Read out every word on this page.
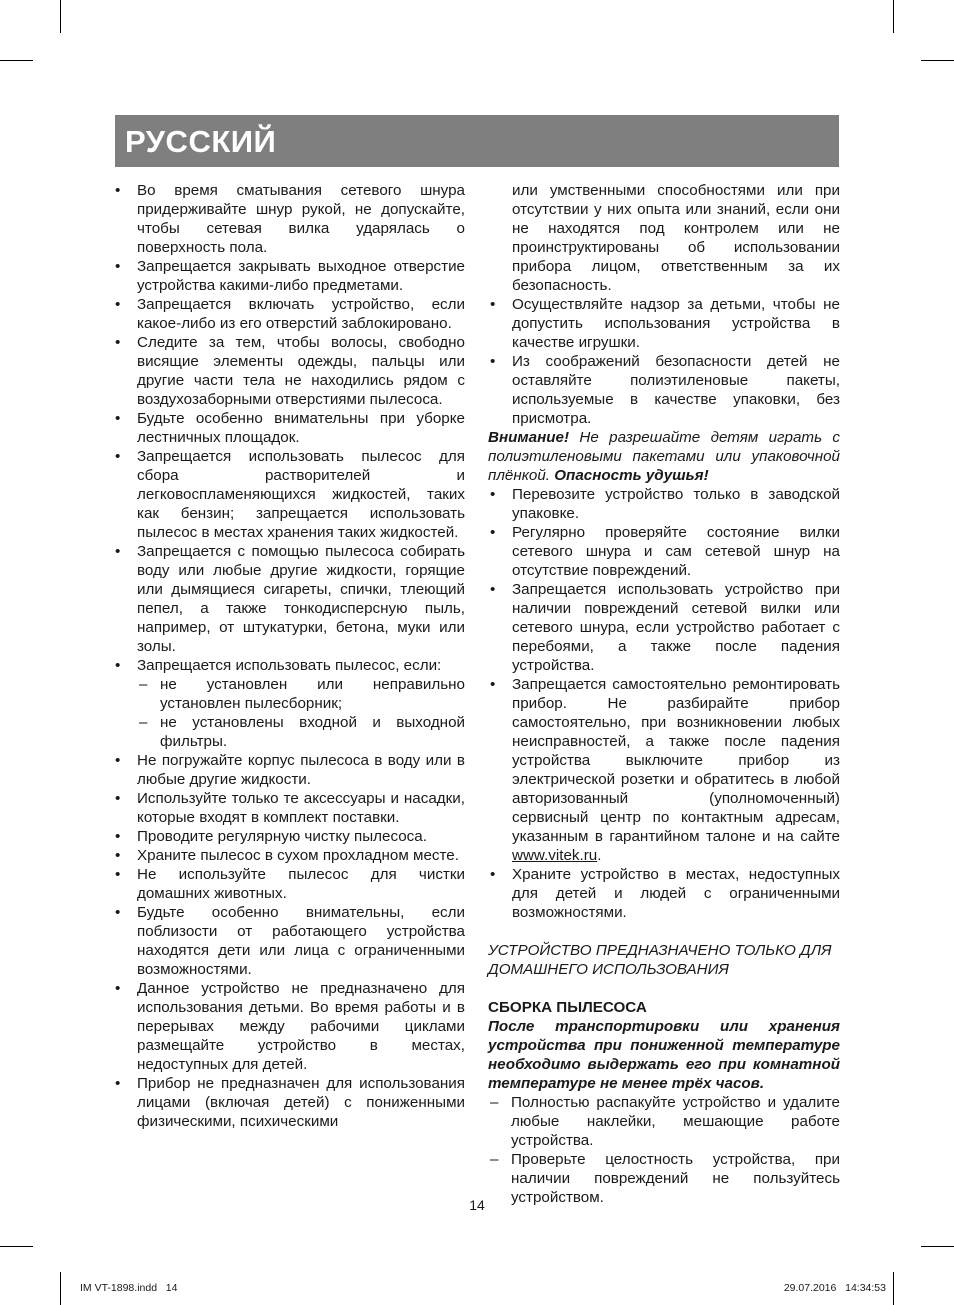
РУССКИЙ
• Во время сматывания сетевого шнура придерживайте шнур рукой, не допускайте, чтобы сетевая вилка ударялась о поверхность пола.
• Запрещается закрывать выходное отверстие устройства какими-либо предметами.
• Запрещается включать устройство, если какое-либо из его отверстий заблокировано.
• Следите за тем, чтобы волосы, свободно висящие элементы одежды, пальцы или другие части тела не находились рядом с воздухозаборными отверстиями пылесоса.
• Будьте особенно внимательны при уборке лестничных площадок.
• Запрещается использовать пылесос для сбора растворителей и легковоспламеняющихся жидкостей, таких как бензин; запрещается использовать пылесос в местах хранения таких жидкостей.
• Запрещается с помощью пылесоса собирать воду или любые другие жидкости, горящие или дымящиеся сигареты, спички, тлеющий пепел, а также тонкодисперсную пыль, например, от штукатурки, бетона, муки или золы.
• Запрещается использовать пылесос, если:
– не установлен или неправильно установлен пылесборник;
– не установлены входной и выходной фильтры.
• Не погружайте корпус пылесоса в воду или в любые другие жидкости.
• Используйте только те аксессуары и насадки, которые входят в комплект поставки.
• Проводите регулярную чистку пылесоса.
• Храните пылесос в сухом прохладном месте.
• Не используйте пылесос для чистки домашних животных.
• Будьте особенно внимательны, если поблизости от работающего устройства находятся дети или лица с ограниченными возможностями.
• Данное устройство не предназначено для использования детьми. Во время работы и в перерывах между рабочими циклами размещайте устройство в местах, недоступных для детей.
• Прибор не предназначен для использования лицами (включая детей) с пониженными физическими, психическими

или умственными способностями или при отсутствии у них опыта или знаний, если они не находятся под контролем или не проинструктированы об использовании прибора лицом, ответственным за их безопасность.

• Осуществляйте надзор за детьми, чтобы не допустить использования устройства в качестве игрушки.
• Из соображений безопасности детей не оставляйте полиэтиленовые пакеты, используемые в качестве упаковки, без присмотра.

Внимание! Не разрешайте детям играть с полиэтиленовыми пакетами или упаковочной плёнкой. Опасность удушья!

• Перевозите устройство только в заводской упаковке.
• Регулярно проверяйте состояние вилки сетевого шнура и сам сетевой шнур на отсутствие повреждений.
• Запрещается использовать устройство при наличии повреждений сетевой вилки или сетевого шнура, если устройство работает с перебоями, а также после падения устройства.
• Запрещается самостоятельно ремонтировать прибор. Не разбирайте прибор самостоятельно, при возникновении любых неисправностей, а также после падения устройства выключите прибор из электрической розетки и обратитесь в любой авторизованный (уполномоченный) сервисный центр по контактным адресам, указанным в гарантийном талоне и на сайте www.vitek.ru.
• Храните устройство в местах, недоступных для детей и людей с ограниченными возможностями.

УСТРОЙСТВО ПРЕДНАЗНАЧЕНО ТОЛЬКО ДЛЯ ДОМАШНЕГО ИСПОЛЬЗОВАНИЯ

СБОРКА ПЫЛЕСОСА

После транспортировки или хранения устройства при пониженной температуре необходимо выдержать его при комнатной температуре не менее трёх часов.

– Полностью распакуйте устройство и удалите любые наклейки, мешающие работе устройства.
– Проверьте целостность устройства, при наличии повреждений не пользуйтесь устройством.
14
IM VT-1898.indd   14	29.07.2016   14:34:53
